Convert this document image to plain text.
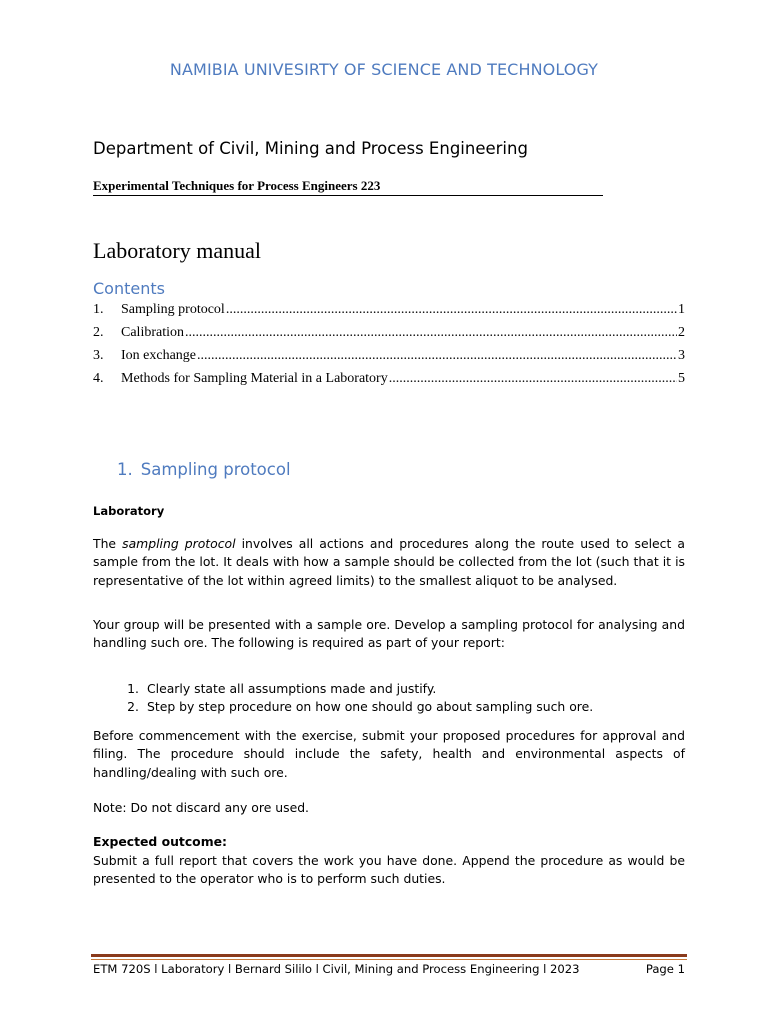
NAMIBIA UNIVESIRTY OF SCIENCE AND TECHNOLOGY
Department of Civil, Mining and Process Engineering
Experimental Techniques for Process Engineers 223
Laboratory manual
Contents
1.	Sampling protocol .....	1
2.	Calibration .....	2
3.	Ion exchange .....	3
4.	Methods for Sampling Material in a Laboratory .....	5
1. Sampling protocol
Laboratory

The sampling protocol involves all actions and procedures along the route used to select a sample from the lot. It deals with how a sample should be collected from the lot (such that it is representative of the lot within agreed limits) to the smallest aliquot to be analysed.

Your group will be presented with a sample ore. Develop a sampling protocol for analysing and handling such ore. The following is required as part of your report:

1. Clearly state all assumptions made and justify.
2. Step by step procedure on how one should go about sampling such ore.

Before commencement with the exercise, submit your proposed procedures for approval and filing. The procedure should include the safety, health and environmental aspects of handling/dealing with such ore.

Note: Do not discard any ore used.

Expected outcome:

Submit a full report that covers the work you have done. Append the procedure as would be presented to the operator who is to perform such duties.

ETM 720S l Laboratory l Bernard Sililo l Civil, Mining and Process Engineering l 2023	Page 1
